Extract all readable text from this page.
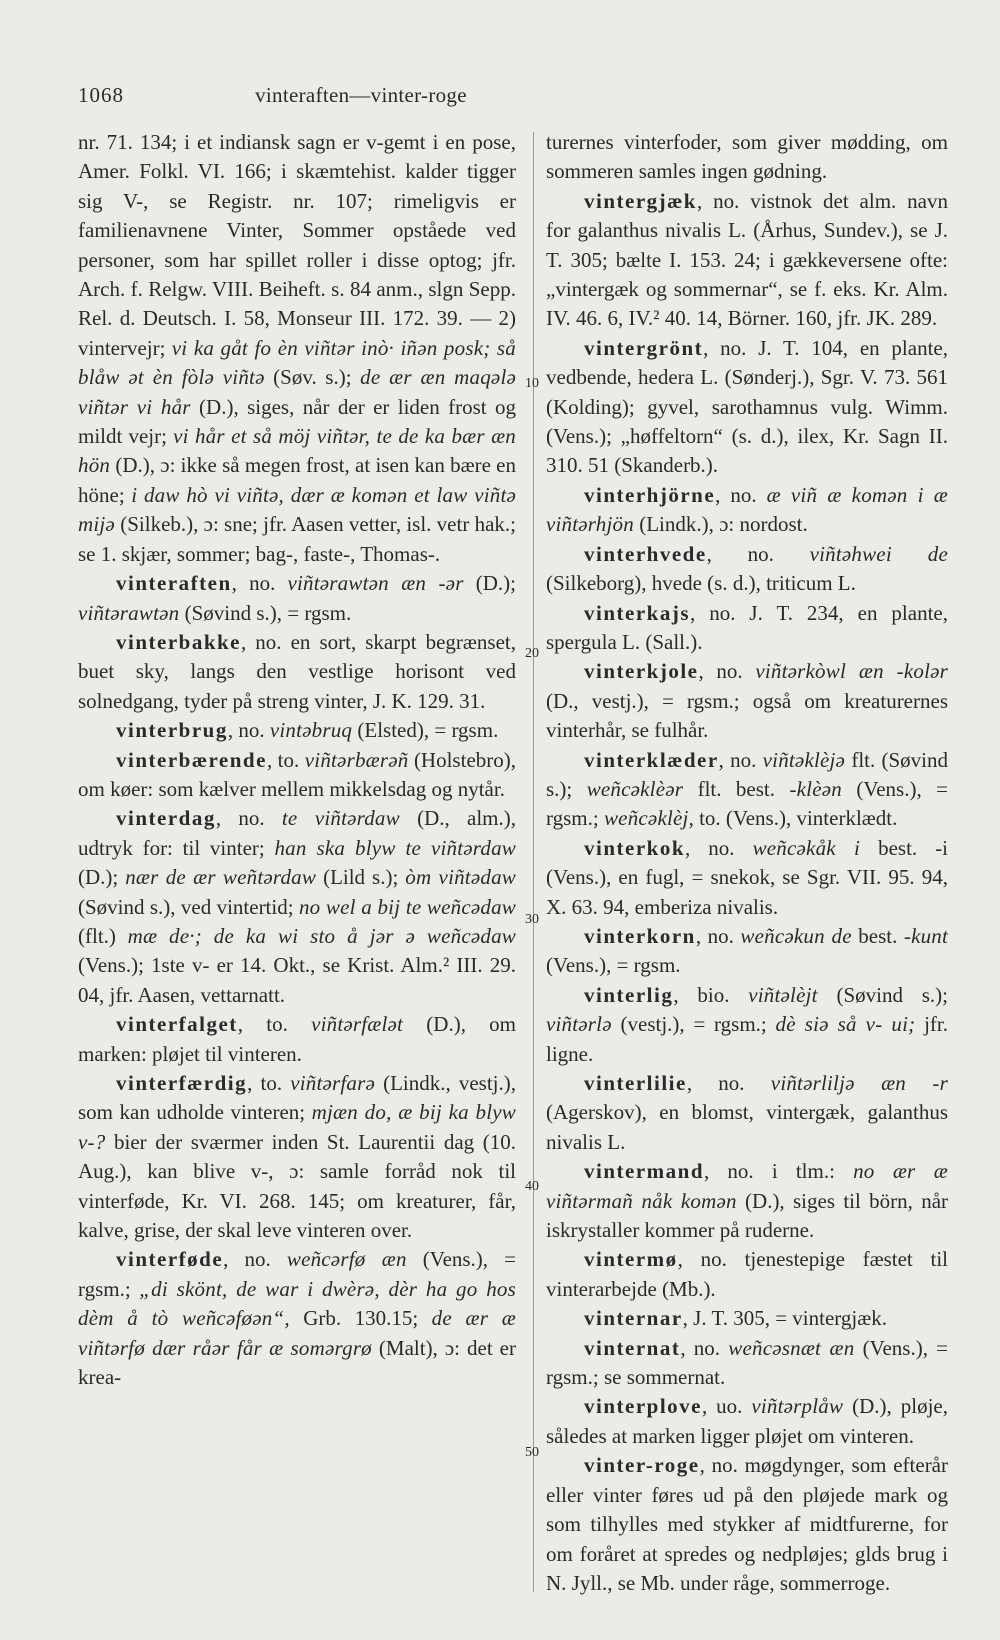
1068	vinteraften—vinter-roge
10
20
30
40
50

nr. 71. 134; i et indiansk sagn er v-gemt i en pose, Amer. Folkl. VI. 166; i skæmtehist. kalder tigger sig V-, se Registr. nr. 107; rimeligvis er familienavnene Vinter, Sommer opståede ved personer, som har spillet roller i disse optog; jfr. Arch. f. Relgw. VIII. Beiheft. s. 84 anm., slgn Sepp. Rel. d. Deutsch. I. 58, Monseur III. 172. 39. — 2) vintervejr; vi ka gåt fo èn viñtər inò· iñən posk; så blåw ət èn fòlə viñtə (Søv. s.); de ær æn maqələ viñtər vi hår (D.), siges, når der er liden frost og mildt vejr; vi hår et så möj viñtər, te de ka bær æn hön (D.), ɔ: ikke så megen frost, at isen kan bære en höne; i daw hò vi viñtə, dær æ komən et law viñtə mijə (Silkeb.), ɔ: sne; jfr. Aasen vetter, isl. vetr hak.; se 1. skjær, sommer; bag-, faste-, Thomas-.

vinteraften, no. viñtərawtən æn -ər (D.); viñtərawtən (Søvind s.), = rgsm.

vinterbakke, no. en sort, skarpt begrænset, buet sky, langs den vestlige horisont ved solnedgang, tyder på streng vinter, J. K. 129. 31.

vinterbrug, no. vintəbruq (Elsted), = rgsm.

vinterbærende, to. viñtərbærəñ (Holstebro), om køer: som kælver mellem mikkelsdag og nytår.

vinterdag, no. te viñtərdaw (D., alm.), udtryk for: til vinter; han ska blyw te viñtərdaw (D.); nær de ær weñtərdaw (Lild s.); òm viñtədaw (Søvind s.), ved vintertid; no wel a bij te weñcədaw (flt.) mæ de·; de ka wi sto å jər ə weñcədaw (Vens.); 1ste v- er 14. Okt., se Krist. Alm.² III. 29. 04, jfr. Aasen, vettarnatt.

vinterfalget, to. viñtərfælət (D.), om marken: pløjet til vinteren.

vinterfærdig, to. viñtərfarə (Lindk., vestj.), som kan udholde vinteren; mjæn do, æ bij ka blyw v-? bier der sværmer inden St. Laurentii dag (10. Aug.), kan blive v-, ɔ: samle forråd nok til vinterføde, Kr. VI. 268. 145; om kreaturer, får, kalve, grise, der skal leve vinteren over.

vinterføde, no. weñcərfø æn (Vens.), = rgsm.; „di skönt, de war i dwèrə, dèr ha go hos dèm å tò weñcəføən“, Grb. 130.15; de ær æ viñtərfø dær råər får æ somərgrø (Malt), ɔ: det er krea-

turernes vinterfoder, som giver mødding, om sommeren samles ingen gødning.

vintergjæk, no. vistnok det alm. navn for galanthus nivalis L. (Århus, Sundev.), se J. T. 305; bælte I. 153. 24; i gækkeversene ofte: „vintergæk og sommernar“, se f. eks. Kr. Alm. IV. 46. 6, IV.² 40. 14, Börner. 160, jfr. JK. 289.

vintergrönt, no. J. T. 104, en plante, vedbende, hedera L. (Sønderj.), Sgr. V. 73. 561 (Kolding); gyvel, sarothamnus vulg. Wimm. (Vens.); „høffeltorn“ (s. d.), ilex, Kr. Sagn II. 310. 51 (Skanderb.).

vinterhjörne, no. æ viñ æ komən i æ viñtərhjön (Lindk.), ɔ: nordost.

vinterhvede, no. viñtəhwei de (Silkeborg), hvede (s. d.), triticum L.

vinterkajs, no. J. T. 234, en plante, spergula L. (Sall.).

vinterkjole, no. viñtərkòwl æn -kolər (D., vestj.), = rgsm.; også om kreaturernes vinterhår, se fulhår.

vinterklæder, no. viñtəklèjə flt. (Søvind s.); weñcəklèər flt. best. -klèən (Vens.), = rgsm.; weñcəklèj, to. (Vens.), vinterklædt.

vinterkok, no. weñcəkåk i best. -i (Vens.), en fugl, = snekok, se Sgr. VII. 95. 94, X. 63. 94, emberiza nivalis.

vinterkorn, no. weñcəkun de best. -kunt (Vens.), = rgsm.

vinterlig, bio. viñtəlèjt (Søvind s.); viñtərlə (vestj.), = rgsm.; dè siə så v- ui; jfr. ligne.

vinterlilie, no. viñtərliljə æn -r (Agerskov), en blomst, vintergæk, galanthus nivalis L.

vintermand, no. i tlm.: no ær æ viñtərmañ nåk komən (D.), siges til börn, når iskrystaller kommer på ruderne.

vintermø, no. tjenestepige fæstet til vinterarbejde (Mb.).

vinternar, J. T. 305, = vintergjæk.

vinternat, no. weñcəsnæt æn (Vens.), = rgsm.; se sommernat.

vinterplove, uo. viñtərplåw (D.), pløje, således at marken ligger pløjet om vinteren.

vinter-roge, no. møgdynger, som efterår eller vinter føres ud på den pløjede mark og som tilhylles med stykker af midtfurerne, for om foråret at spredes og nedpløjes; glds brug i N. Jyll., se Mb. under råge, sommerroge.
